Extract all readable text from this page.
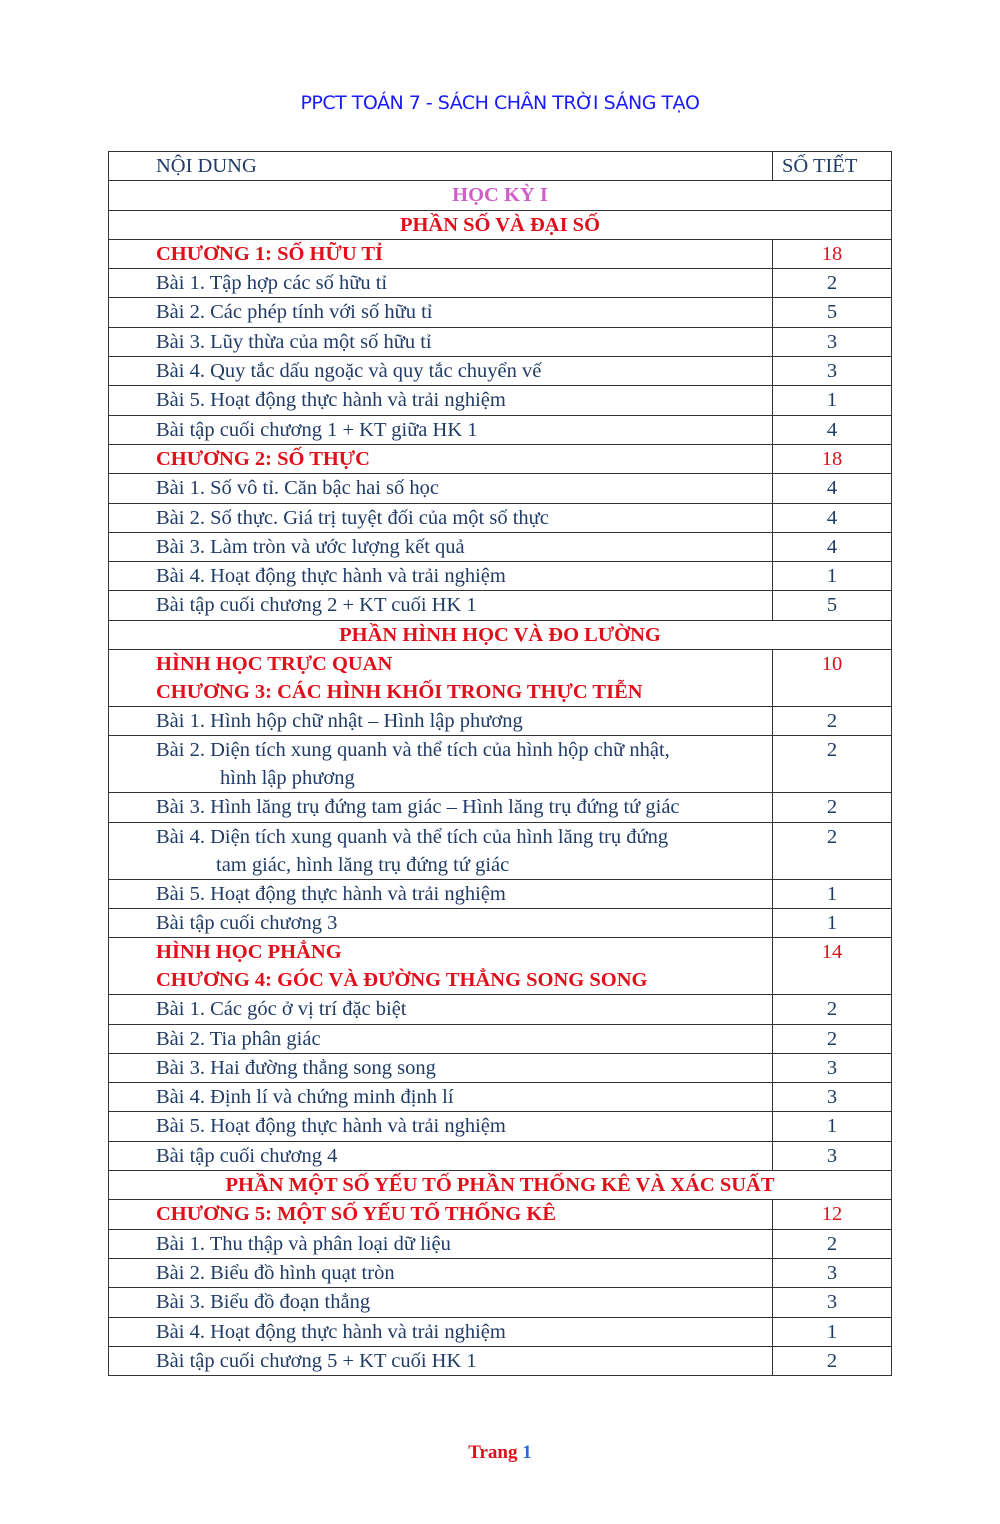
PPCT TOÁN 7 - SÁCH CHÂN TRỜI SÁNG TẠO
NỘI DUNG	SỐ TIẾT
HỌC KỲ I	
PHẦN SỐ VÀ ĐẠI SỐ	
CHƯƠNG 1: SỐ HỮU TỈ	18
Bài 1. Tập hợp các số hữu tỉ	2
Bài 2. Các phép tính với số hữu tỉ	5
Bài 3. Lũy thừa của một số hữu tỉ	3
Bài 4. Quy tắc dấu ngoặc và quy tắc chuyển vế	3
Bài 5. Hoạt động thực hành và trải nghiệm	1
Bài tập cuối chương 1 + KT giữa HK 1	4
CHƯƠNG 2: SỐ THỰC	18
Bài 1. Số vô tỉ. Căn bậc hai số học	4
Bài 2. Số thực. Giá trị tuyệt đối của một số thực	4
Bài 3. Làm tròn và ước lượng kết quả	4
Bài 4. Hoạt động thực hành và trải nghiệm	1
Bài tập cuối chương 2 + KT cuối HK 1	5
PHẦN HÌNH HỌC VÀ ĐO LƯỜNG	
HÌNH HỌC TRỰC QUAN
CHƯƠNG 3: CÁC HÌNH KHỐI TRONG THỰC TIỄN	10
Bài 1. Hình hộp chữ nhật – Hình lập phương	2
Bài 2. Diện tích xung quanh và thể tích của hình hộp chữ nhật,
hình lập phương	2
Bài 3. Hình lăng trụ đứng tam giác – Hình lăng trụ đứng tứ giác	2
Bài 4. Diện tích xung quanh và thể tích của hình lăng trụ đứng
tam giác, hình lăng trụ đứng tứ giác	2
Bài 5. Hoạt động thực hành và trải nghiệm	1
Bài tập cuối chương 3	1
HÌNH HỌC PHẲNG
CHƯƠNG 4: GÓC VÀ ĐƯỜNG THẲNG SONG SONG	14
Bài 1. Các góc ở vị trí đặc biệt	2
Bài 2. Tia phân giác	2
Bài 3. Hai đường thẳng song song	3
Bài 4. Định lí và chứng minh định lí	3
Bài 5. Hoạt động thực hành và trải nghiệm	1
Bài tập cuối chương 4	3
PHẦN MỘT SỐ YẾU TỐ PHẦN THỐNG KÊ VÀ XÁC SUẤT	
CHƯƠNG 5: MỘT SỐ YẾU TỐ THỐNG KÊ	12
Bài 1. Thu thập và phân loại dữ liệu	2
Bài 2. Biểu đồ hình quạt tròn	3
Bài 3. Biểu đồ đoạn thẳng	3
Bài 4. Hoạt động thực hành và trải nghiệm	1
Bài tập cuối chương 5 + KT cuối HK 1	2
Trang 1
